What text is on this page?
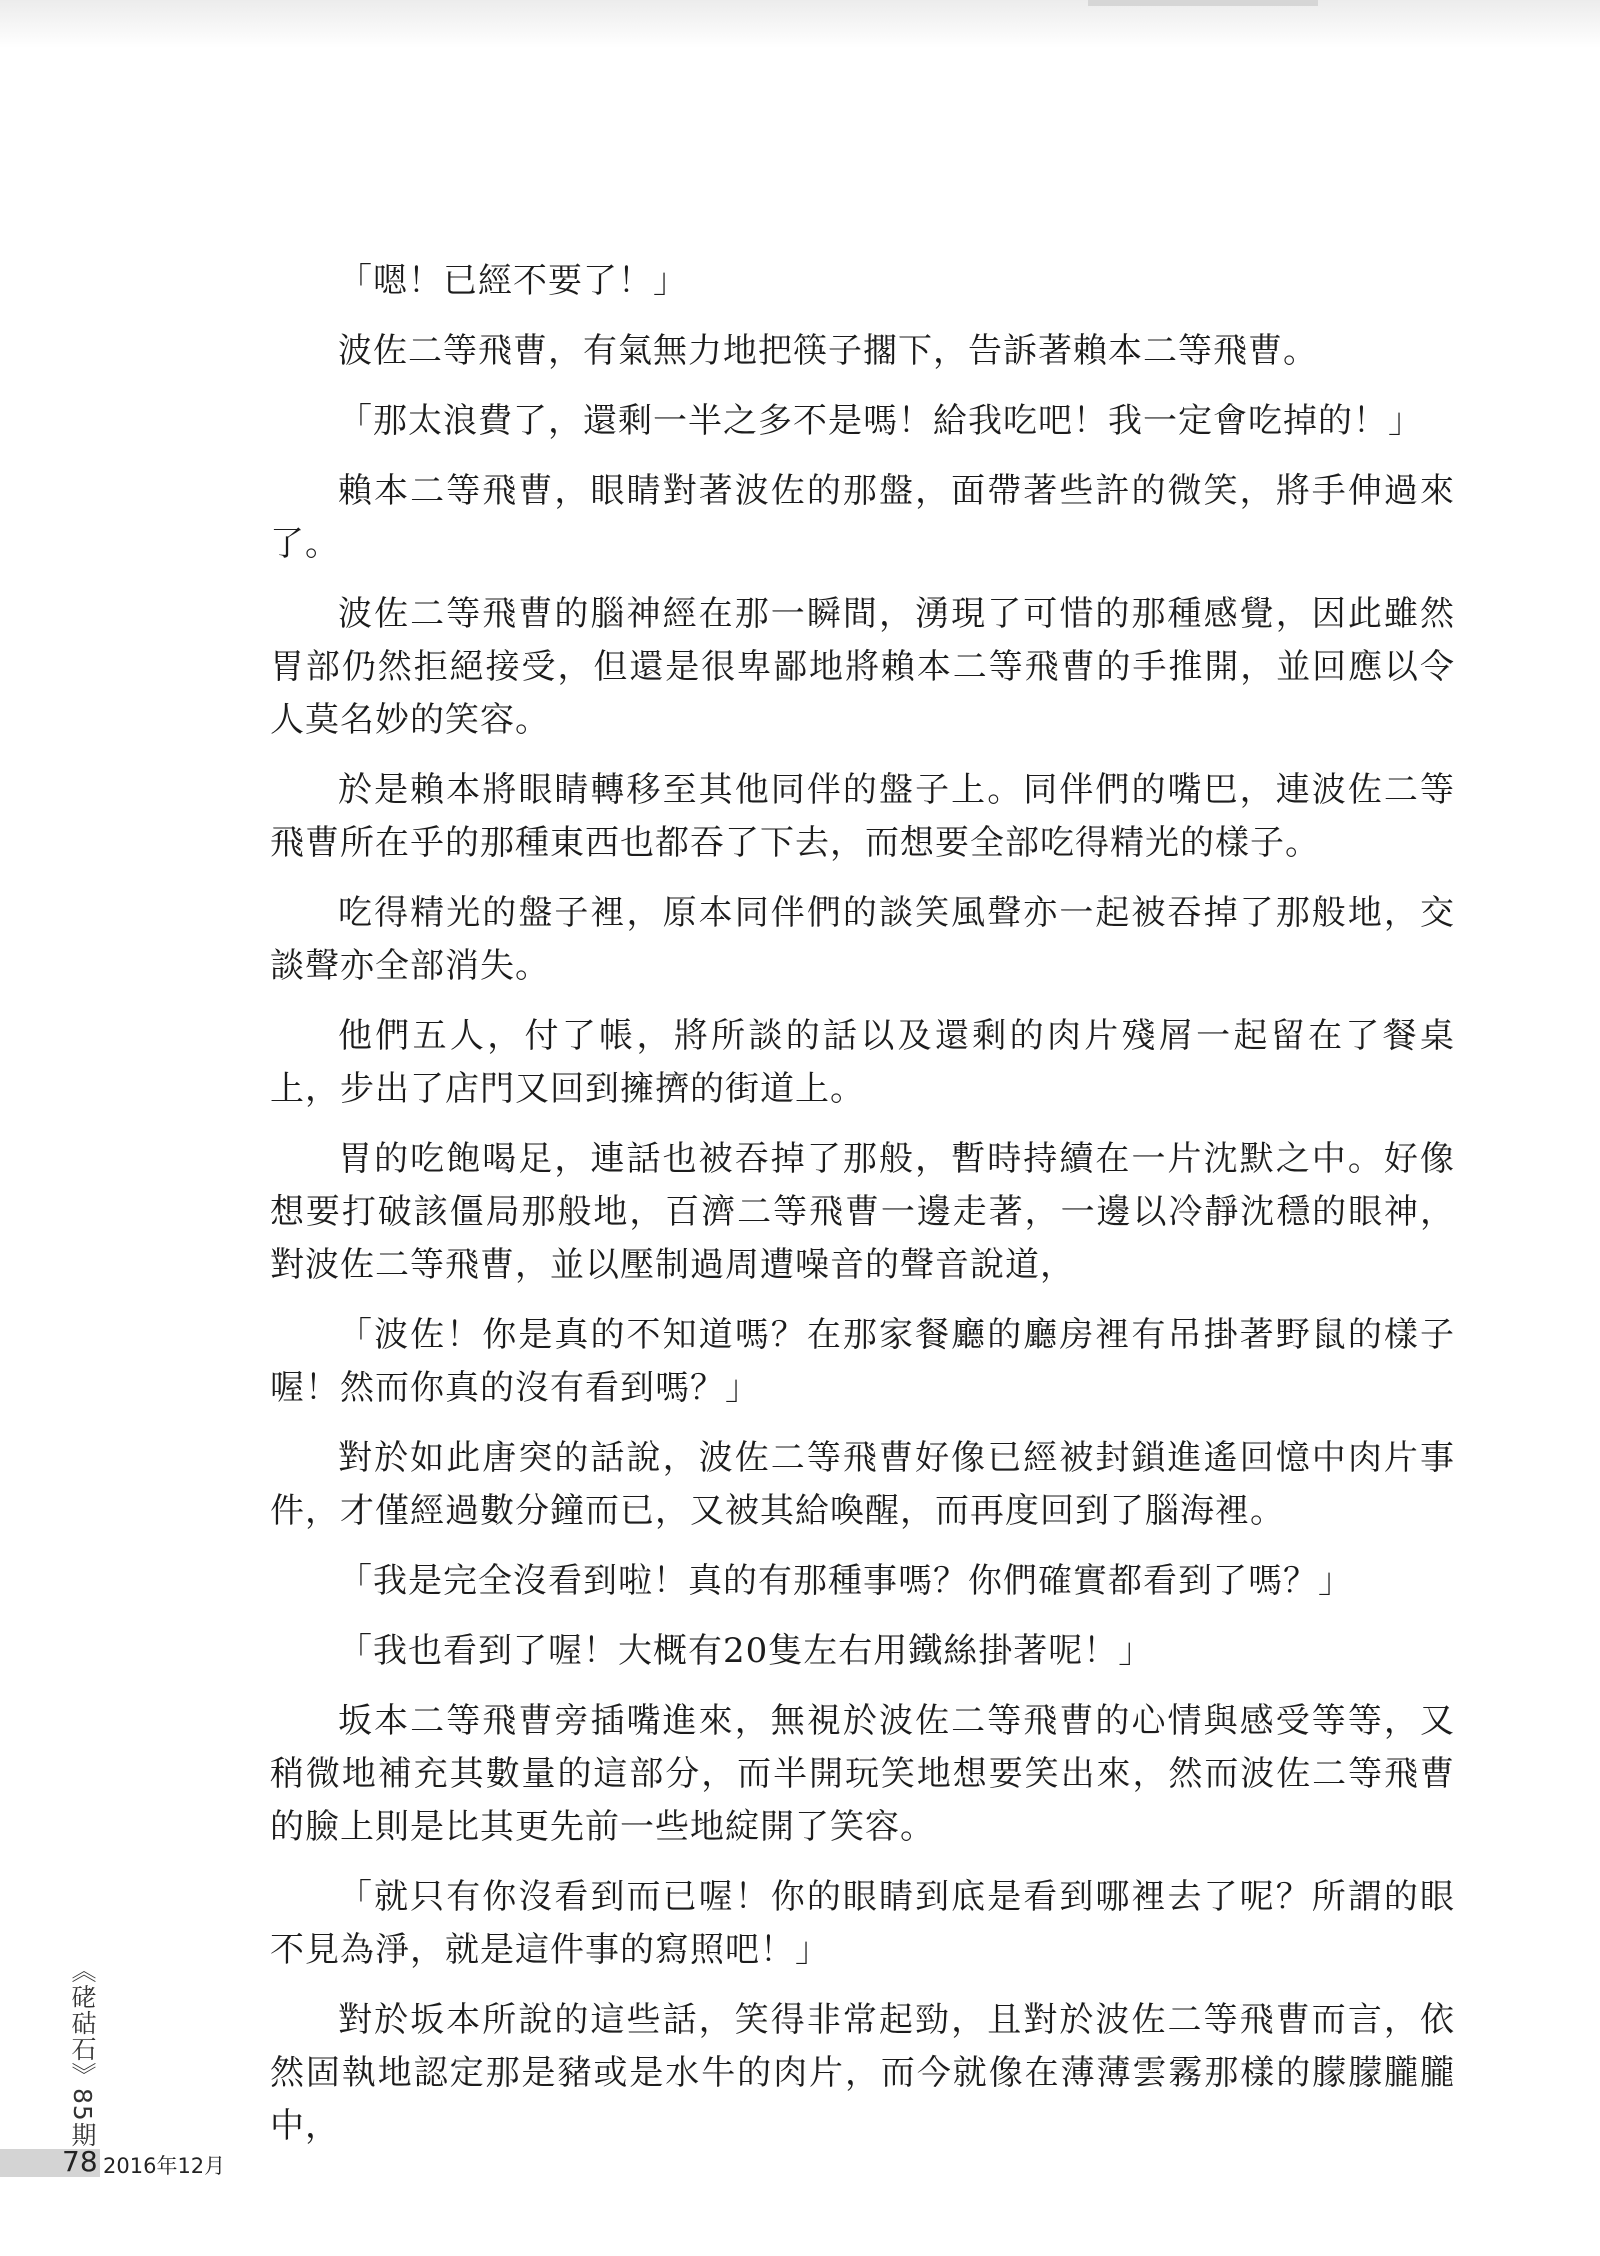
「嗯！已經不要了！」

波佐二等飛曹，有氣無力地把筷子擱下，告訴著賴本二等飛曹。

「那太浪費了，還剩一半之多不是嗎！給我吃吧！我一定會吃掉的！」

賴本二等飛曹，眼睛對著波佐的那盤，面帶著些許的微笑，將手伸過來了。

波佐二等飛曹的腦神經在那一瞬間，湧現了可惜的那種感覺，因此雖然胃部仍然拒絕接受，但還是很卑鄙地將賴本二等飛曹的手推開，並回應以令人莫名妙的笑容。

於是賴本將眼睛轉移至其他同伴的盤子上。同伴們的嘴巴，連波佐二等飛曹所在乎的那種東西也都吞了下去，而想要全部吃得精光的樣子。

吃得精光的盤子裡，原本同伴們的談笑風聲亦一起被吞掉了那般地，交談聲亦全部消失。

他們五人，付了帳，將所談的話以及還剩的肉片殘屑一起留在了餐桌上，步出了店門又回到擁擠的街道上。

胃的吃飽喝足，連話也被吞掉了那般，暫時持續在一片沈默之中。好像想要打破該僵局那般地，百濟二等飛曹一邊走著，一邊以冷靜沈穩的眼神，對波佐二等飛曹，並以壓制過周遭噪音的聲音說道，

「波佐！你是真的不知道嗎？在那家餐廳的廳房裡有吊掛著野鼠的樣子喔！然而你真的沒有看到嗎？」

對於如此唐突的話說，波佐二等飛曹好像已經被封鎖進遙回憶中肉片事件，才僅經過數分鐘而已，又被其給喚醒，而再度回到了腦海裡。

「我是完全沒看到啦！真的有那種事嗎？你們確實都看到了嗎？」

「我也看到了喔！大概有20隻左右用鐵絲掛著呢！」

坂本二等飛曹旁插嘴進來，無視於波佐二等飛曹的心情與感受等等，又稍微地補充其數量的這部分，而半開玩笑地想要笑出來，然而波佐二等飛曹的臉上則是比其更先前一些地綻開了笑容。

「就只有你沒看到而已喔！你的眼睛到底是看到哪裡去了呢？所謂的眼不見為淨，就是這件事的寫照吧！」

對於坂本所說的這些話，笑得非常起勁，且對於波佐二等飛曹而言，依然固執地認定那是豬或是水牛的肉片，而今就像在薄薄雲霧那樣的朦朦朧朧中，

《硓𥑮石》85期
78 2016年12月
